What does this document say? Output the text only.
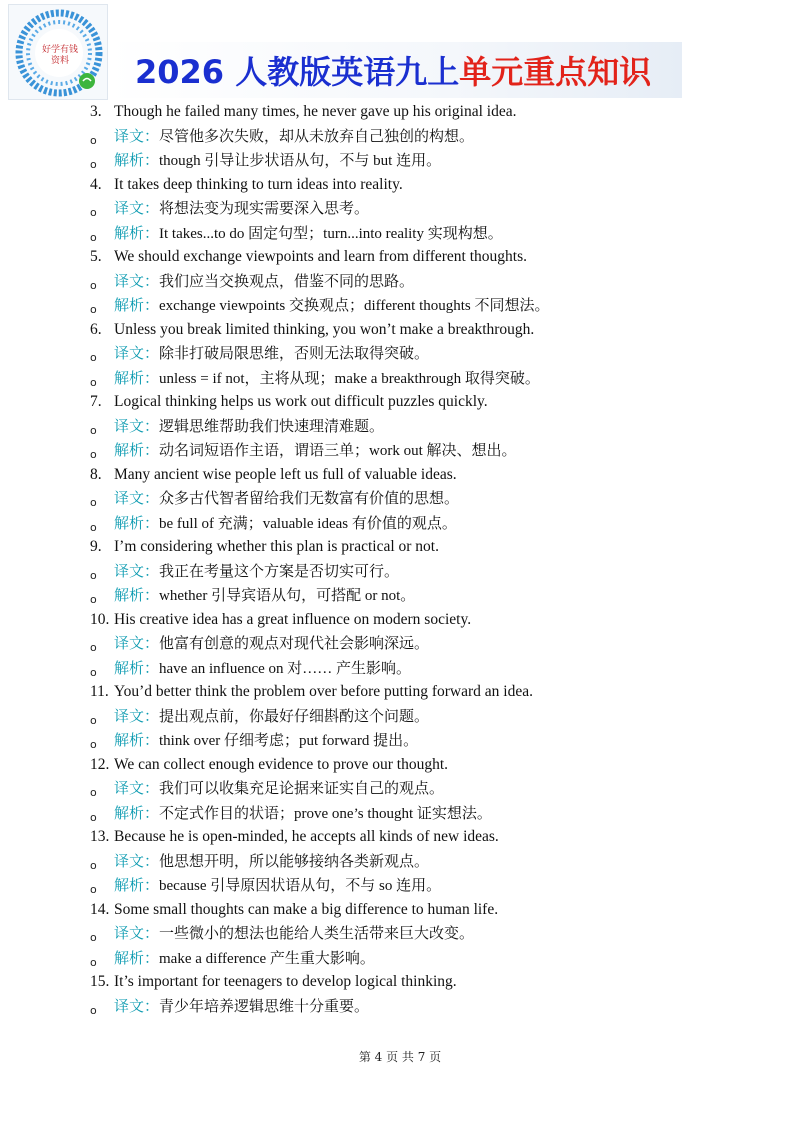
好学有钱
资料	2026 人教版英语九上单元重点知识
3. Though he failed many times, he never gave up his original idea.
o 译文：尽管他多次失败，却从未放弃自己独创的构想。
o 解析：though 引导让步状语从句，不与 but 连用。
4. It takes deep thinking to turn ideas into reality.
o 译文：将想法变为现实需要深入思考。
o 解析：It takes...to do 固定句型；turn...into reality 实现构想。
5. We should exchange viewpoints and learn from different thoughts.
o 译文：我们应当交换观点，借鉴不同的思路。
o 解析：exchange viewpoints 交换观点；different thoughts 不同想法。
6. Unless you break limited thinking, you won’t make a breakthrough.
o 译文：除非打破局限思维，否则无法取得突破。
o 解析：unless = if not，主将从现；make a breakthrough 取得突破。
7. Logical thinking helps us work out difficult puzzles quickly.
o 译文：逻辑思维帮助我们快速理清难题。
o 解析：动名词短语作主语，谓语三单；work out 解决、想出。
8. Many ancient wise people left us full of valuable ideas.
o 译文：众多古代智者留给我们无数富有价值的思想。
o 解析：be full of 充满；valuable ideas 有价值的观点。
9. I’m considering whether this plan is practical or not.
o 译文：我正在考量这个方案是否切实可行。
o 解析：whether 引导宾语从句，可搭配 or not。
10. His creative idea has a great influence on modern society.
o 译文：他富有创意的观点对现代社会影响深远。
o 解析：have an influence on 对…… 产生影响。
11. You’d better think the problem over before putting forward an idea.
o 译文：提出观点前，你最好仔细斟酌这个问题。
o 解析：think over 仔细考虑；put forward 提出。
12. We can collect enough evidence to prove our thought.
o 译文：我们可以收集充足论据来证实自己的观点。
o 解析：不定式作目的状语；prove one’s thought 证实想法。
13. Because he is open-minded, he accepts all kinds of new ideas.
o 译文：他思想开明，所以能够接纳各类新观点。
o 解析：because 引导原因状语从句，不与 so 连用。
14. Some small thoughts can make a big difference to human life.
o 译文：一些微小的想法也能给人类生活带来巨大改变。
o 解析：make a difference 产生重大影响。
15. It’s important for teenagers to develop logical thinking.
o 译文：青少年培养逻辑思维十分重要。
第 4 页 共 7 页
